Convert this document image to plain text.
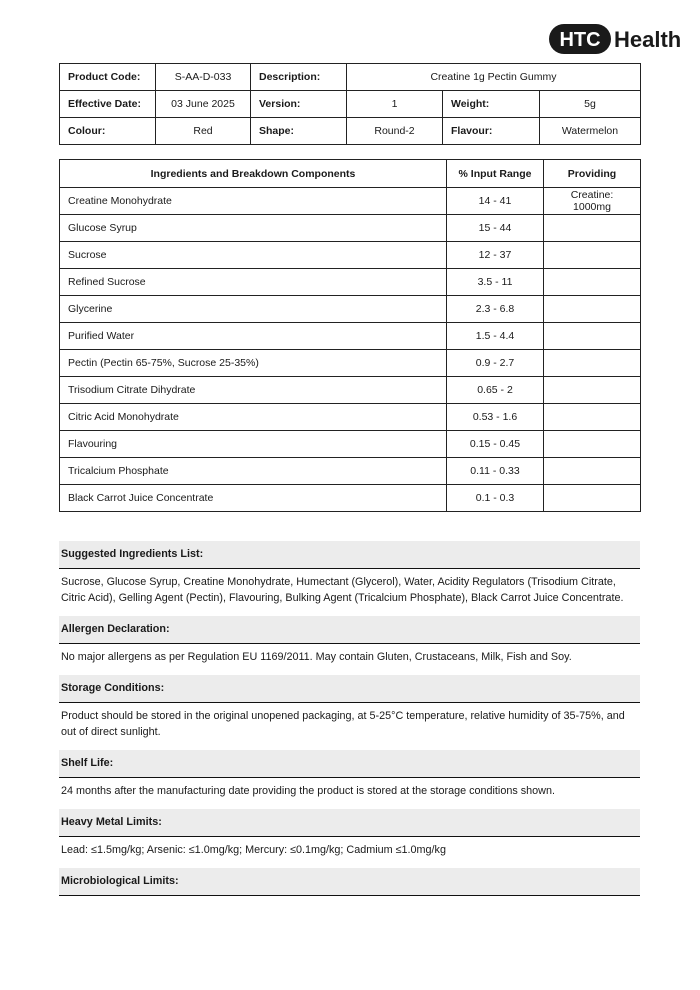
HTC Health
Product Code:	S-AA-D-033	Description:	Creatine 1g Pectin Gummy		
Effective Date:	03 June 2025	Version:	1	Weight:	5g
Colour:	Red	Shape:	Round-2	Flavour:	Watermelon
Ingredients and Breakdown Components	% Input Range	Providing
Creatine Monohydrate	14 - 41	Creatine: 1000mg
Glucose Syrup	15 - 44	
Sucrose	12 - 37	
Refined Sucrose	3.5 - 11	
Glycerine	2.3 - 6.8	
Purified Water	1.5 - 4.4	
Pectin (Pectin 65-75%, Sucrose 25-35%)	0.9 - 2.7	
Trisodium Citrate Dihydrate	0.65 - 2	
Citric Acid Monohydrate	0.53 - 1.6	
Flavouring	0.15 - 0.45	
Tricalcium Phosphate	0.11 - 0.33	
Black Carrot Juice Concentrate	0.1 - 0.3	
Suggested Ingredients List:
Sucrose, Glucose Syrup, Creatine Monohydrate, Humectant (Glycerol), Water, Acidity Regulators (Trisodium Citrate, Citric Acid), Gelling Agent (Pectin), Flavouring, Bulking Agent (Tricalcium Phosphate), Black Carrot Juice Concentrate.
Allergen Declaration:
No major allergens as per Regulation EU 1169/2011. May contain Gluten, Crustaceans, Milk, Fish and Soy.
Storage Conditions:
Product should be stored in the original unopened packaging, at 5-25°C temperature, relative humidity of 35-75%, and out of direct sunlight.
Shelf Life:
24 months after the manufacturing date providing the product is stored at the storage conditions shown.
Heavy Metal Limits:
Lead: ≤1.5mg/kg; Arsenic: ≤1.0mg/kg; Mercury: ≤0.1mg/kg; Cadmium ≤1.0mg/kg
Microbiological Limits:
